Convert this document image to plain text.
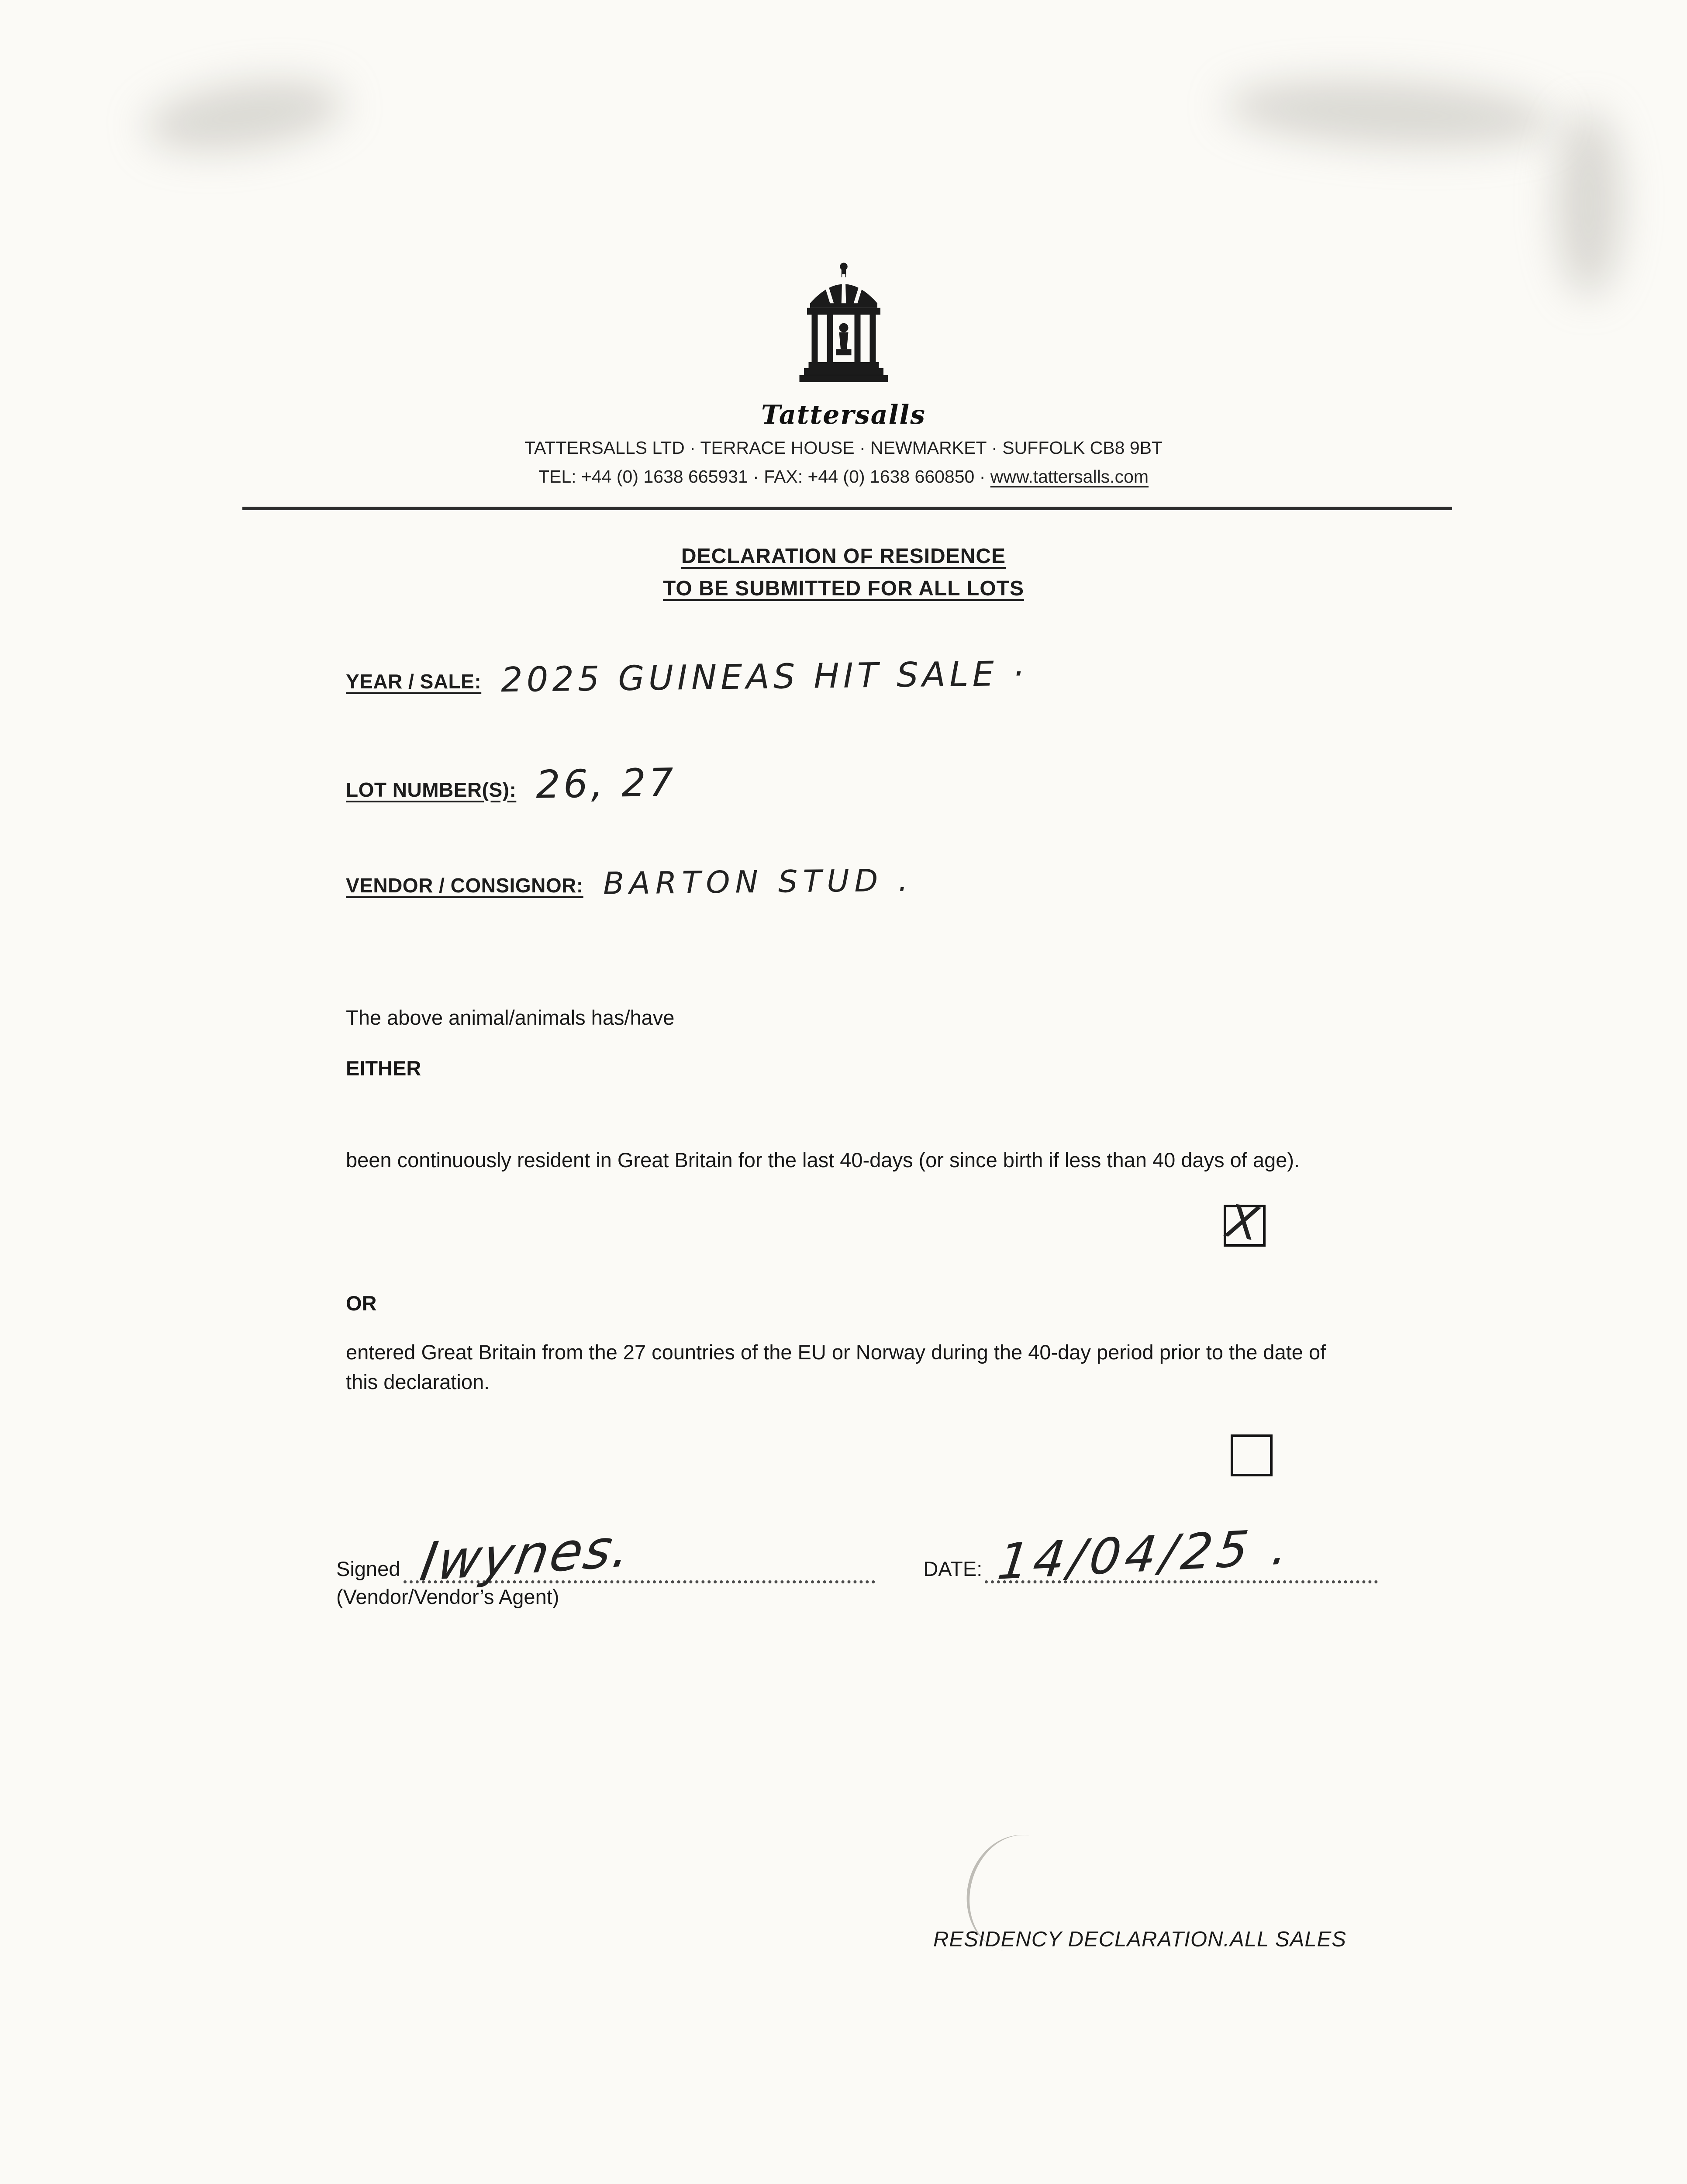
Tattersalls
TATTERSALLS LTD · TERRACE HOUSE · NEWMARKET · SUFFOLK CB8 9BT
TEL: +44 (0) 1638 665931 · FAX: +44 (0) 1638 660850 · www.tattersalls.com
DECLARATION OF RESIDENCE
TO BE SUBMITTED FOR ALL LOTS
YEAR / SALE: 2025 GUINEAS HIT SALE ·
LOT NUMBER(S): 26, 27
VENDOR / CONSIGNOR: BARTON STUD .
The above animal/animals has/have
EITHER
been continuously resident in Great Britain for the last 40-days (or since birth if less than 40 days of age).
X
OR
entered Great Britain from the 27 countries of the EU or Norway during the 40-day period prior to the date of this declaration.
Signed Iwynes.	DATE: 14/04/25 .
(Vendor/Vendor’s Agent)
RESIDENCY DECLARATION.ALL SALES
